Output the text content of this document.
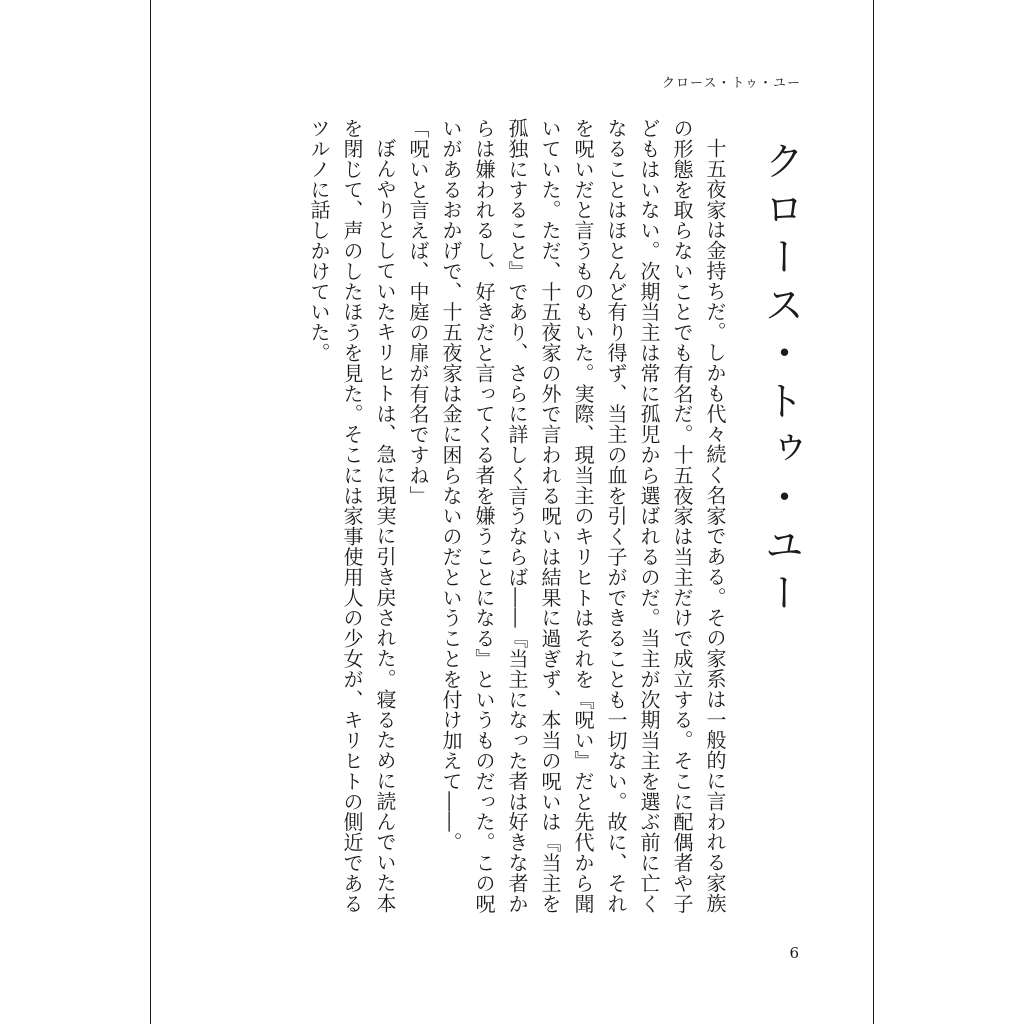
クロース・トゥ・ユー
クロース・トゥ・ユー

十五夜家は金持ちだ。しかも代々続く名家である。その家系は一般的に言われる家族の形態を取らないことでも有名だ。十五夜家は当主だけで成立する。そこに配偶者や子どもはいない。次期当主は常に孤児から選ばれるのだ。当主が次期当主を選ぶ前に亡くなることはほとんど有り得ず、当主の血を引く子ができることも一切ない。故に、それを呪いだと言うものもいた。実際、現当主のキリヒトはそれを『呪い』だと先代から聞いていた。ただ、十五夜家の外で言われる呪いは結果に過ぎず、本当の呪いは『当主を孤独にすること』であり、さらに詳しく言うならば――『当主になった者は好きな者からは嫌われるし、好きだと言ってくる者を嫌うことになる』というものだった。この呪いがあるおかげで、十五夜家は金に困らないのだということを付け加えて――。

「呪いと言えば、中庭の扉が有名ですね」

ぼんやりとしていたキリヒトは、急に現実に引き戻された。寝るために読んでいた本を閉じて、声のしたほうを見た。そこには家事使用人の少女が、キリヒトの側近であるツルノに話しかけていた。

6
